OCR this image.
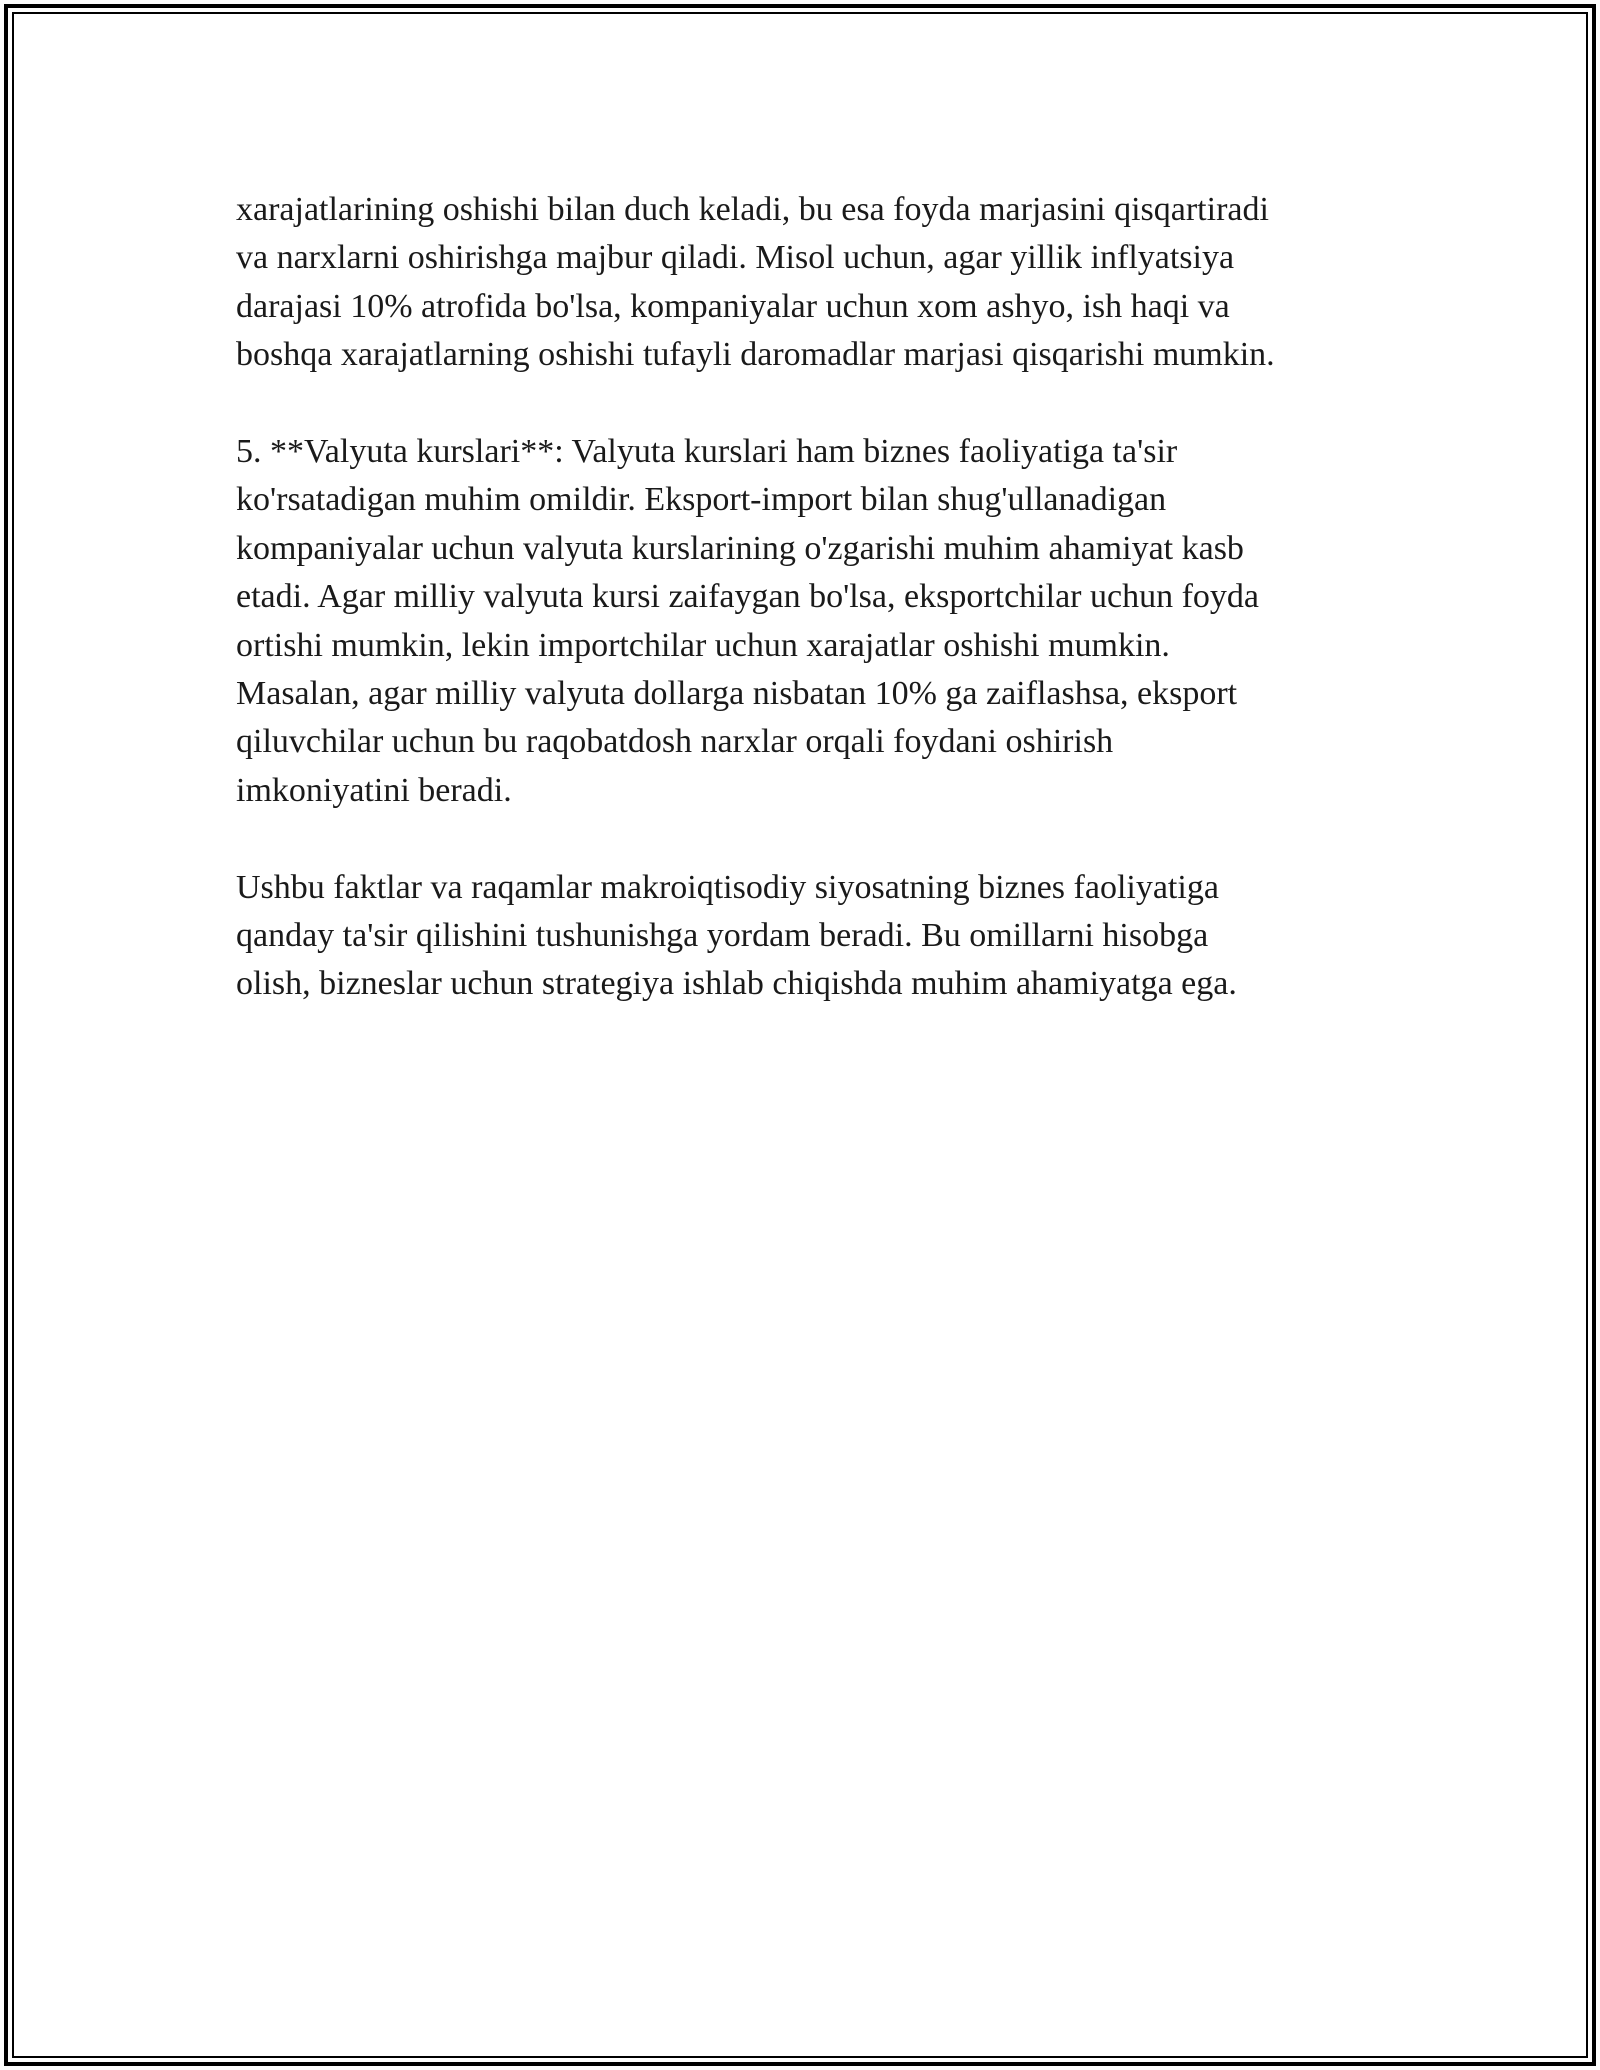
xarajatlarining oshishi bilan duch keladi, bu esa foyda marjasini qisqartiradi
va narxlarni oshirishga majbur qiladi. Misol uchun, agar yillik inflyatsiya
darajasi 10% atrofida bo'lsa, kompaniyalar uchun xom ashyo, ish haqi va
boshqa xarajatlarning oshishi tufayli daromadlar marjasi qisqarishi mumkin.

5. **Valyuta kurslari**: Valyuta kurslari ham biznes faoliyatiga ta'sir
ko'rsatadigan muhim omildir. Eksport-import bilan shug'ullanadigan
kompaniyalar uchun valyuta kurslarining o'zgarishi muhim ahamiyat kasb
etadi. Agar milliy valyuta kursi zaifaygan bo'lsa, eksportchilar uchun foyda
ortishi mumkin, lekin importchilar uchun xarajatlar oshishi mumkin.
Masalan, agar milliy valyuta dollarga nisbatan 10% ga zaiflashsa, eksport
qiluvchilar uchun bu raqobatdosh narxlar orqali foydani oshirish
imkoniyatini beradi.

Ushbu faktlar va raqamlar makroiqtisodiy siyosatning biznes faoliyatiga
qanday ta'sir qilishini tushunishga yordam beradi. Bu omillarni hisobga
olish, bizneslar uchun strategiya ishlab chiqishda muhim ahamiyatga ega.
